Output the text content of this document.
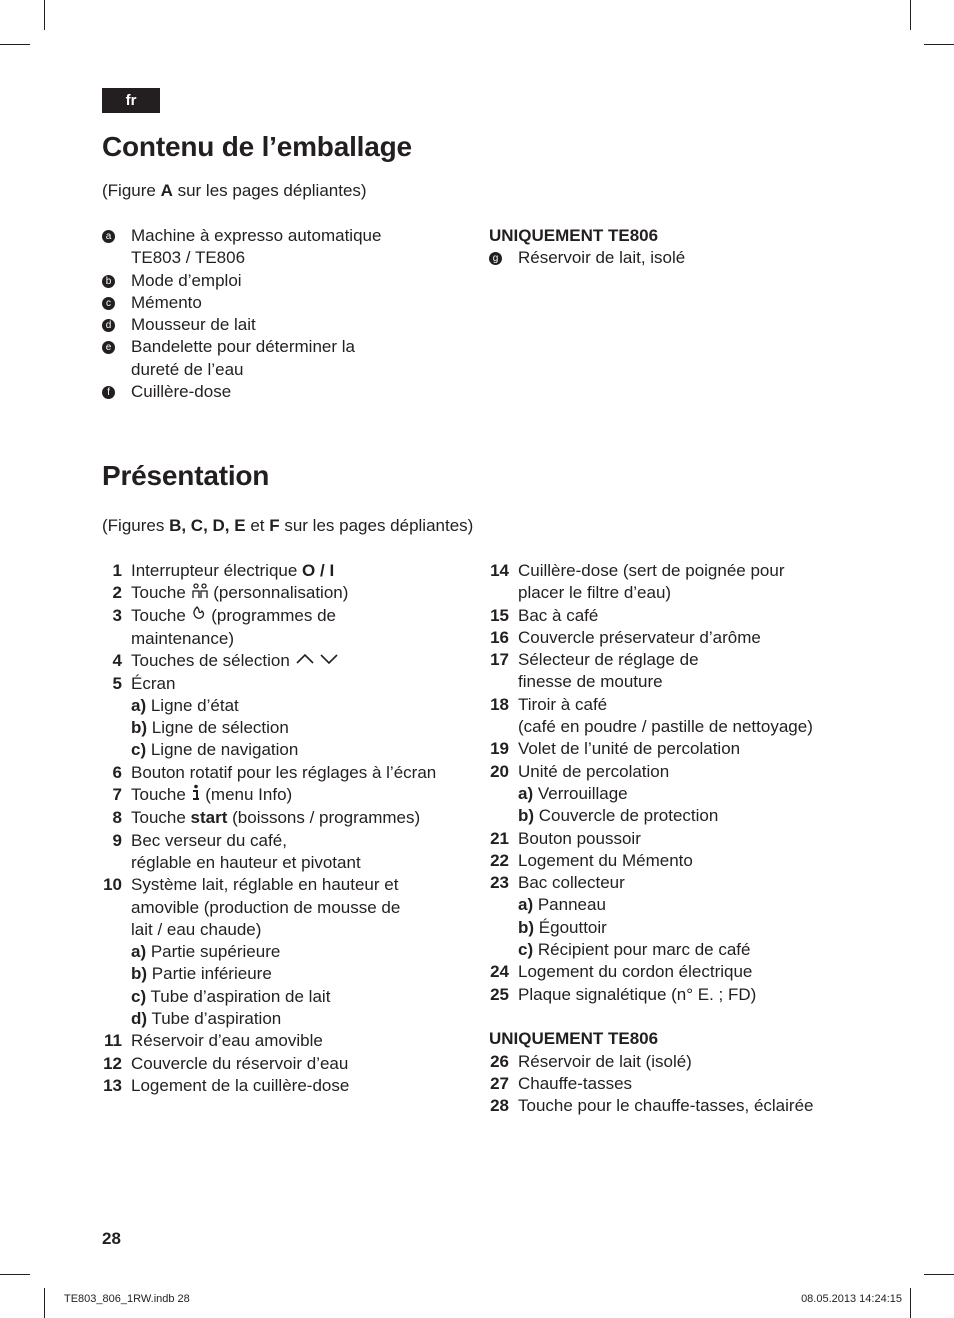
fr
Contenu de l’emballage
(Figure A sur les pages dépliantes)
a Machine à expresso automatique
TE803 / TE806
b Mode d’emploi
c Mémento
d Mousseur de lait
e Bandelette pour déterminer la
dureté de l’eau
f	Cuillère-dose
UNIQUEMENT TE806
g Réservoir de lait, isolé
Présentation
(Figures B, C, D, E et F sur les pages dépliantes)
1 Interrupteur électrique O / I
2 Touche  (personnalisation)
3 Touche  (programmes de
maintenance)
4 Touches de sélection
5 Écran
a) Ligne d’état
b) Ligne de sélection
c) Ligne de navigation
6 Bouton rotatif pour les réglages à l’écran
7 Touche  (menu Info)
8 Touche start (boissons / programmes)
9 Bec verseur du café,
réglable en hauteur et pivotant
10 Système lait, réglable en hauteur et
amovible (production de mousse de
lait / eau chaude)
a) Partie supérieure
b) Partie inférieure
c) Tube d’aspiration de lait
d) Tube d’aspiration
11 Réservoir d’eau amovible
12 Couvercle du réservoir d’eau
13 Logement de la cuillère-dose
14 Cuillère-dose (sert de poignée pour
placer le filtre d’eau)
15 Bac à café
16 Couvercle préservateur d’arôme
17 Sélecteur de réglage de
finesse de mouture
18 Tiroir à café
(café en poudre / pastille de nettoyage)
19 Volet de l’unité de percolation
20 Unité de percolation
a) Verrouillage
b) Couvercle de protection
21 Bouton poussoir
22 Logement du Mémento
23 Bac collecteur
a) Panneau
b) Égouttoir
c) Récipient pour marc de café
24 Logement du cordon électrique
25 Plaque signalétique (n° E. ; FD)
UNIQUEMENT TE806
26 Réservoir de lait (isolé)
27 Chauffe-tasses
28 Touche pour le chauffe-tasses, éclairée
28
TE803_806_1RW.indb 28	08.05.2013 14:24:15
